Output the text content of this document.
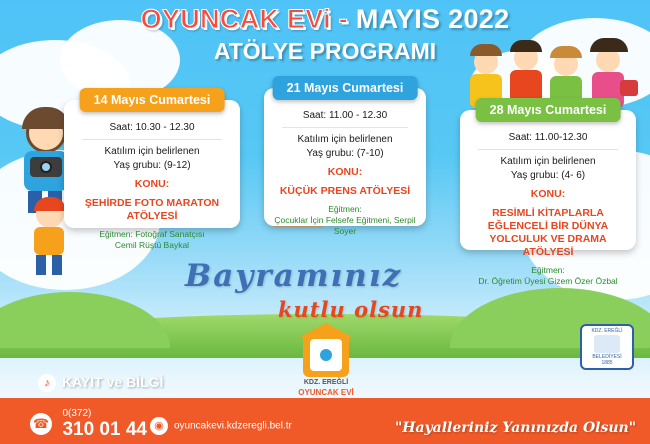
OYUNCAK EVi - MAYIS 2022
ATÖLYE PROGRAMI
14 Mayıs Cumartesi
Saat: 10.30 - 12.30
Katılım için belirlenen
Yaş grubu: (9-12)
KONU:
ŞEHİRDE FOTO MARATON ATÖLYESİ
Eğitmen: Fotoğraf Sanatçısı
Cemil Rüştü Baykal
21 Mayıs Cumartesi
Saat: 11.00 - 12.30
Katılım için belirlenen
Yaş grubu: (7-10)
KONU:
KÜÇÜK PRENS ATÖLYESİ
Eğitmen:
Çocuklar İçin Felsefe Eğitmeni, Serpil Soyer
28 Mayıs Cumartesi
Saat: 11.00-12.30
Katılım için belirlenen
Yaş grubu: (4- 6)
KONU:
RESİMLİ KİTAPLARLA EĞLENCELİ BİR DÜNYA YOLCULUK VE DRAMA ATÖLYESİ
Eğitmen:
Dr. Öğretim Üyesi Gizem Özer Özbal
Bayramınız
kutlu olsun
KDZ. EREĞLİ
BELEDİYESİ
1885
KDZ. EREĞLİ
OYUNCAK EVİ
♪ KAYIT ve BİLGİ
☎
0(372)
310 01 44 ◉ oyuncakevi.kdzeregli.bel.tr	"Hayalleriniz Yanınızda Olsun"
